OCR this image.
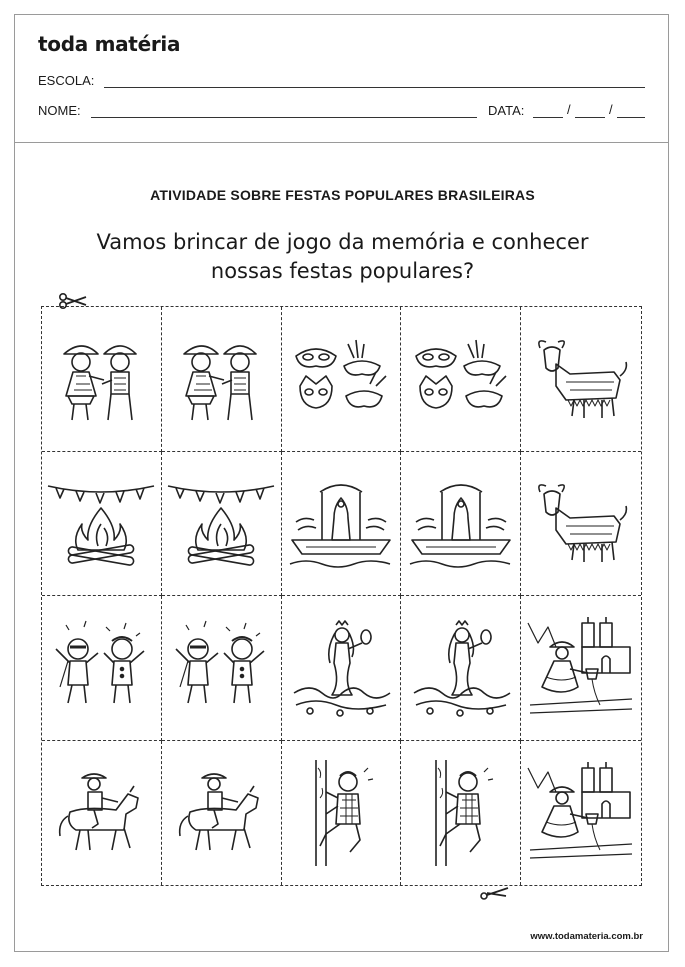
toda matéria
ESCOLA:
NOME:	DATA:	/	/
ATIVIDADE SOBRE FESTAS POPULARES BRASILEIRAS
Vamos brincar de jogo da memória e conhecer
nossas festas populares?
www.todamateria.com.br
